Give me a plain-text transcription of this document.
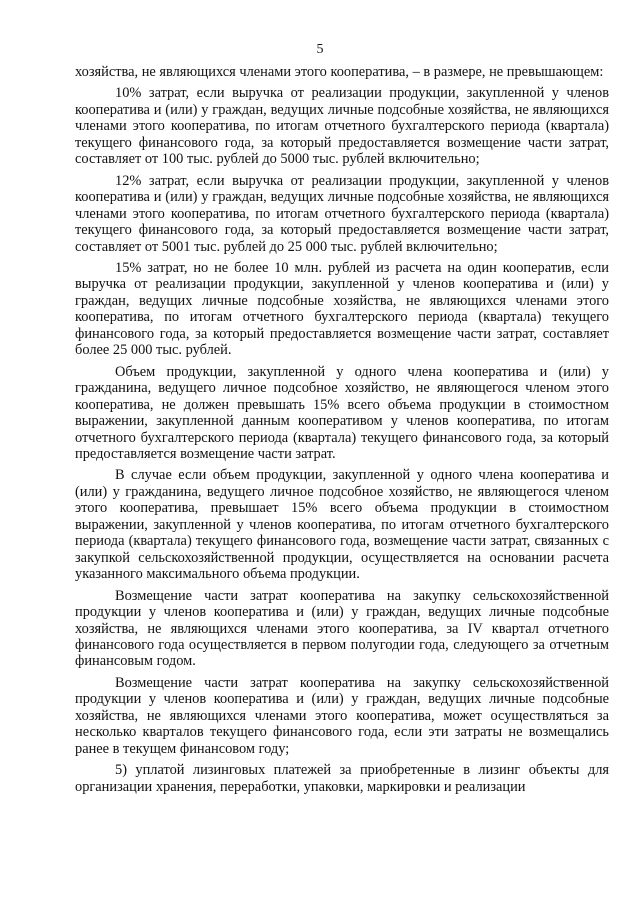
5

хозяйства, не являющихся членами этого кооператива, – в размере, не превышающем:

10% затрат, если выручка от реализации продукции, закупленной у членов кооператива и (или) у граждан, ведущих личные подсобные хозяйства, не являющихся членами этого кооператива, по итогам отчетного бухгалтерского периода (квартала) текущего финансового года, за который предоставляется возмещение части затрат, составляет от 100 тыс. рублей до 5000 тыс. рублей включительно;

12% затрат, если выручка от реализации продукции, закупленной у членов кооператива и (или) у граждан, ведущих личные подсобные хозяйства, не являющихся членами этого кооператива, по итогам отчетного бухгалтерского периода (квартала) текущего финансового года, за который предоставляется возмещение части затрат, составляет от 5001 тыс. рублей до 25 000 тыс. рублей включительно;

15% затрат, но не более 10 млн. рублей из расчета на один кооператив, если выручка от реализации продукции, закупленной у членов кооператива и (или) у граждан, ведущих личные подсобные хозяйства, не являющихся членами этого кооператива, по итогам отчетного бухгалтерского периода (квартала) текущего финансового года, за который предоставляется возмещение части затрат, составляет более 25 000 тыс. рублей.

Объем продукции, закупленной у одного члена кооператива и (или) у гражданина, ведущего личное подсобное хозяйство, не являющегося членом этого кооператива, не должен превышать 15% всего объема продукции в стоимостном выражении, закупленной данным кооперативом у членов кооператива, по итогам отчетного бухгалтерского периода (квартала) текущего финансового года, за который предоставляется возмещение части затрат.

В случае если объем продукции, закупленной у одного члена кооператива и (или) у гражданина, ведущего личное подсобное хозяйство, не являющегося членом этого кооператива, превышает 15% всего объема продукции в стоимостном выражении, закупленной у членов кооператива, по итогам отчетного бухгалтерского периода (квартала) текущего финансового года, возмещение части затрат, связанных с закупкой сельскохозяйственной продукции, осуществляется на основании расчета указанного максимального объема продукции.

Возмещение части затрат кооператива на закупку сельскохозяйственной продукции у членов кооператива и (или) у граждан, ведущих личные подсобные хозяйства, не являющихся членами этого кооператива, за IV квартал отчетного финансового года осуществляется в первом полугодии года, следующего за отчетным финансовым годом.

Возмещение части затрат кооператива на закупку сельскохозяйственной продукции у членов кооператива и (или) у граждан, ведущих личные подсобные хозяйства, не являющихся членами этого кооператива, может осуществляться за несколько кварталов текущего финансового года, если эти затраты не возмещались ранее в текущем финансовом году;

5) уплатой лизинговых платежей за приобретенные в лизинг объекты для организации хранения, переработки, упаковки, маркировки и реализации
